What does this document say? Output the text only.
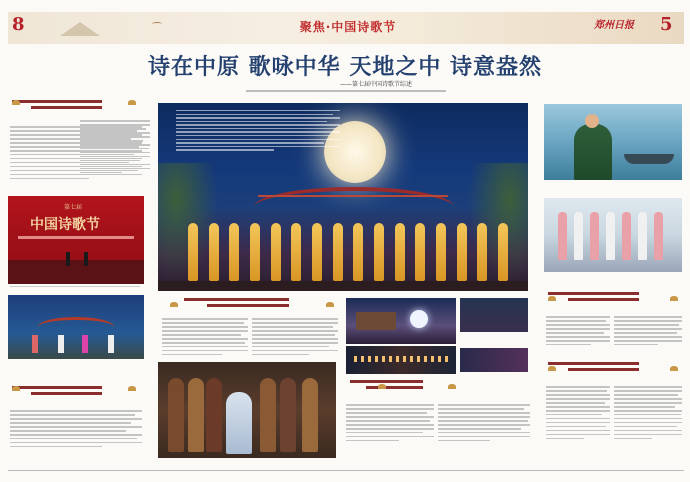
8	聚焦·中国诗歌节	郑州日报 5
诗在中原 歌咏中华 天地之中 诗意盎然
——第七届中国诗歌节综述
第七届
中国诗歌节
